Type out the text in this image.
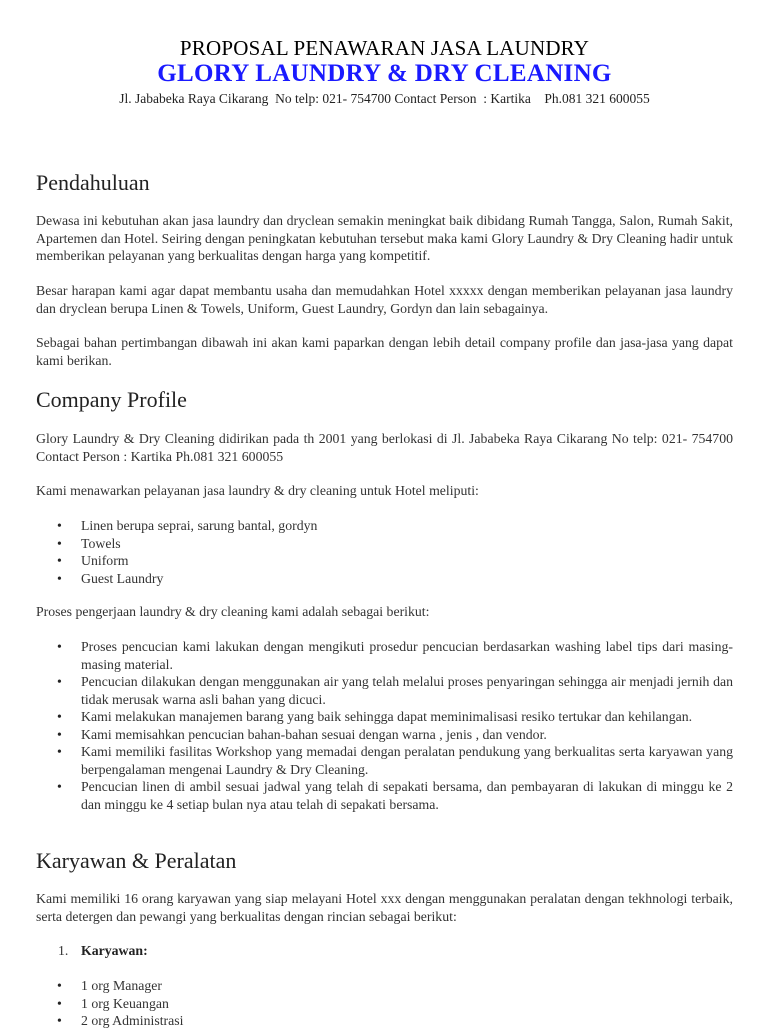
PROPOSAL PENAWARAN JASA LAUNDRY
GLORY LAUNDRY & DRY CLEANING
Jl. Jababeka Raya Cikarang  No telp: 021- 754700 Contact Person  : Kartika    Ph.081 321 600055
Pendahuluan

Dewasa ini kebutuhan akan jasa laundry dan dryclean semakin meningkat baik dibidang Rumah Tangga, Salon, Rumah Sakit, Apartemen dan Hotel. Seiring dengan peningkatan kebutuhan tersebut maka kami Glory Laundry & Dry Cleaning hadir untuk memberikan pelayanan yang berkualitas dengan harga yang kompetitif.

Besar harapan kami agar dapat membantu usaha dan memudahkan Hotel xxxxx dengan memberikan pelayanan jasa laundry dan dryclean berupa Linen & Towels, Uniform, Guest Laundry, Gordyn dan lain sebagainya.

Sebagai bahan pertimbangan dibawah ini akan kami paparkan dengan lebih detail company profile dan jasa-jasa yang dapat kami berikan.

Company Profile

Glory Laundry & Dry Cleaning didirikan pada th 2001 yang berlokasi di Jl. Jababeka Raya Cikarang No telp: 021- 754700 Contact Person : Kartika Ph.081 321 600055

Kami menawarkan pelayanan jasa laundry & dry cleaning untuk Hotel meliputi:

• Linen berupa seprai, sarung bantal, gordyn
• Towels
• Uniform
• Guest Laundry

Proses pengerjaan laundry & dry cleaning kami adalah sebagai berikut:

• Proses pencucian kami lakukan dengan mengikuti prosedur pencucian berdasarkan washing label tips dari masing-masing material.
• Pencucian dilakukan dengan menggunakan air yang telah melalui proses penyaringan sehingga air menjadi jernih dan tidak merusak warna asli bahan yang dicuci.
• Kami melakukan manajemen barang yang baik sehingga dapat meminimalisasi resiko tertukar dan kehilangan.
• Kami memisahkan pencucian bahan-bahan sesuai dengan warna , jenis , dan vendor.
• Kami memiliki fasilitas Workshop yang memadai dengan peralatan pendukung yang berkualitas serta karyawan yang berpengalaman mengenai Laundry & Dry Cleaning.
• Pencucian linen di ambil sesuai jadwal yang telah di sepakati bersama, dan pembayaran di lakukan di minggu ke 2 dan minggu ke 4 setiap bulan nya atau telah di sepakati bersama.
Karyawan & Peralatan

Kami memiliki 16 orang karyawan yang siap melayani Hotel xxx dengan menggunakan peralatan dengan tekhnologi terbaik, serta detergen dan pewangi yang berkualitas dengan rincian sebagai berikut:

1. Karyawan:
• 1 org Manager
• 1 org Keuangan
• 2 org Administrasi
